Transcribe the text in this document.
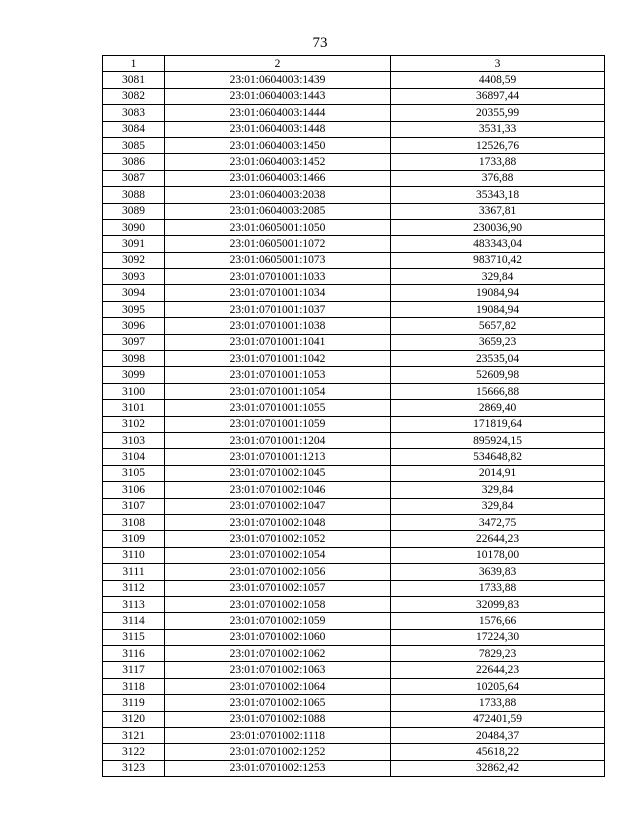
73
1	2	3
3081	23:01:0604003:1439	4408,59
3082	23:01:0604003:1443	36897,44
3083	23:01:0604003:1444	20355,99
3084	23:01:0604003:1448	3531,33
3085	23:01:0604003:1450	12526,76
3086	23:01:0604003:1452	1733,88
3087	23:01:0604003:1466	376,88
3088	23:01:0604003:2038	35343,18
3089	23:01:0604003:2085	3367,81
3090	23:01:0605001:1050	230036,90
3091	23:01:0605001:1072	483343,04
3092	23:01:0605001:1073	983710,42
3093	23:01:0701001:1033	329,84
3094	23:01:0701001:1034	19084,94
3095	23:01:0701001:1037	19084,94
3096	23:01:0701001:1038	5657,82
3097	23:01:0701001:1041	3659,23
3098	23:01:0701001:1042	23535,04
3099	23:01:0701001:1053	52609,98
3100	23:01:0701001:1054	15666,88
3101	23:01:0701001:1055	2869,40
3102	23:01:0701001:1059	171819,64
3103	23:01:0701001:1204	895924,15
3104	23:01:0701001:1213	534648,82
3105	23:01:0701002:1045	2014,91
3106	23:01:0701002:1046	329,84
3107	23:01:0701002:1047	329,84
3108	23:01:0701002:1048	3472,75
3109	23:01:0701002:1052	22644,23
3110	23:01:0701002:1054	10178,00
3111	23:01:0701002:1056	3639,83
3112	23:01:0701002:1057	1733,88
3113	23:01:0701002:1058	32099,83
3114	23:01:0701002:1059	1576,66
3115	23:01:0701002:1060	17224,30
3116	23:01:0701002:1062	7829,23
3117	23:01:0701002:1063	22644,23
3118	23:01:0701002:1064	10205,64
3119	23:01:0701002:1065	1733,88
3120	23:01:0701002:1088	472401,59
3121	23:01:0701002:1118	20484,37
3122	23:01:0701002:1252	45618,22
3123	23:01:0701002:1253	32862,42
